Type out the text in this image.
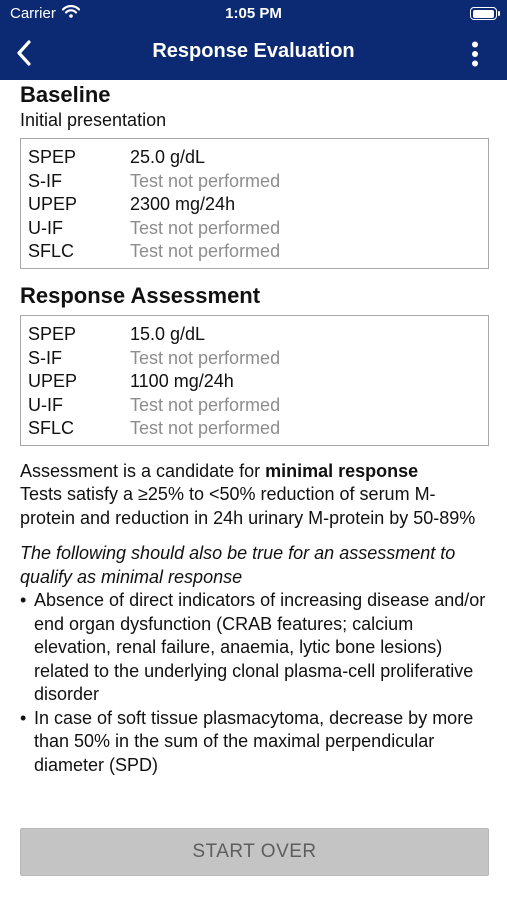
Carrier	1:05 PM
Response Evaluation
Baseline
Initial presentation
SPEP	25.0 g/dL
S-IF	Test not performed
UPEP	2300 mg/24h
U-IF	Test not performed
SFLC	Test not performed
Response Assessment
SPEP	15.0 g/dL
S-IF	Test not performed
UPEP	1100 mg/24h
U-IF	Test not performed
SFLC	Test not performed
Assessment is a candidate for minimal response
Tests satisfy a ≥25% to <50% reduction of serum M-protein and reduction in 24h urinary M-protein by 50-89%
The following should also be true for an assessment to qualify as minimal response
• Absence of direct indicators of increasing disease and/or end organ dysfunction (CRAB features; calcium elevation, renal failure, anaemia, lytic bone lesions) related to the underlying clonal plasma-cell proliferative disorder
• In case of soft tissue plasmacytoma, decrease by more than 50% in the sum of the maximal perpendicular diameter (SPD)
START OVER
